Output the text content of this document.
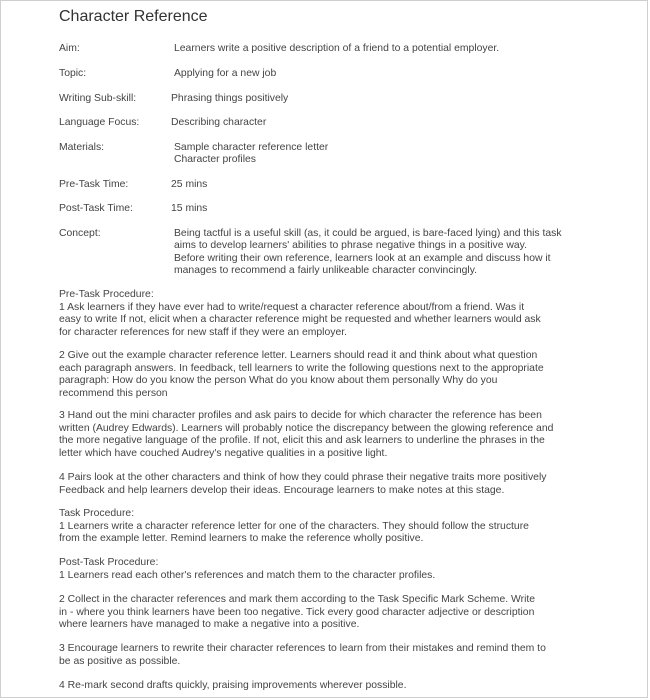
Character Reference
Aim:	Learners write a positive description of a friend to a potential employer.
Topic:	Applying for a new job
Writing Sub-skill:	Phrasing things positively
Language Focus:	Describing character
Materials:	Sample character reference letter
Character profiles
Pre-Task Time:	25 mins
Post-Task Time:	15 mins
Concept:	Being tactful is a useful skill (as, it could be argued, is bare-faced lying) and this task
aims to develop learners' abilities to phrase negative things in a positive way.
Before writing their own reference, learners look at an example and discuss how it
manages to recommend a fairly unlikeable character convincingly.
Pre-Task Procedure:
1 Ask learners if they have ever had to write/request a character reference about/from a friend. Was it
easy to write If not, elicit when a character reference might be requested and whether learners would ask
for character references for new staff if they were an employer.
2 Give out the example character reference letter. Learners should read it and think about what question
each paragraph answers. In feedback, tell learners to write the following questions next to the appropriate
paragraph: How do you know the person What do you know about them personally Why do you
recommend this person
3 Hand out the mini character profiles and ask pairs to decide for which character the reference has been
written (Audrey Edwards). Learners will probably notice the discrepancy between the glowing reference and
the more negative language of the profile. If not, elicit this and ask learners to underline the phrases in the
letter which have couched Audrey's negative qualities in a positive light.
4 Pairs look at the other characters and think of how they could phrase their negative traits more positively
Feedback and help learners develop their ideas. Encourage learners to make notes at this stage.
Task Procedure:
1 Learners write a character reference letter for one of the characters. They should follow the structure
from the example letter. Remind learners to make the reference wholly positive.
Post-Task Procedure:
1 Learners read each other's references and match them to the character profiles.
2 Collect in the character references and mark them according to the Task Specific Mark Scheme. Write
in - where you think learners have been too negative. Tick every good character adjective or description
where learners have managed to make a negative into a positive.
3 Encourage learners to rewrite their character references to learn from their mistakes and remind them to
be as positive as possible.
4 Re-mark second drafts quickly, praising improvements wherever possible.
